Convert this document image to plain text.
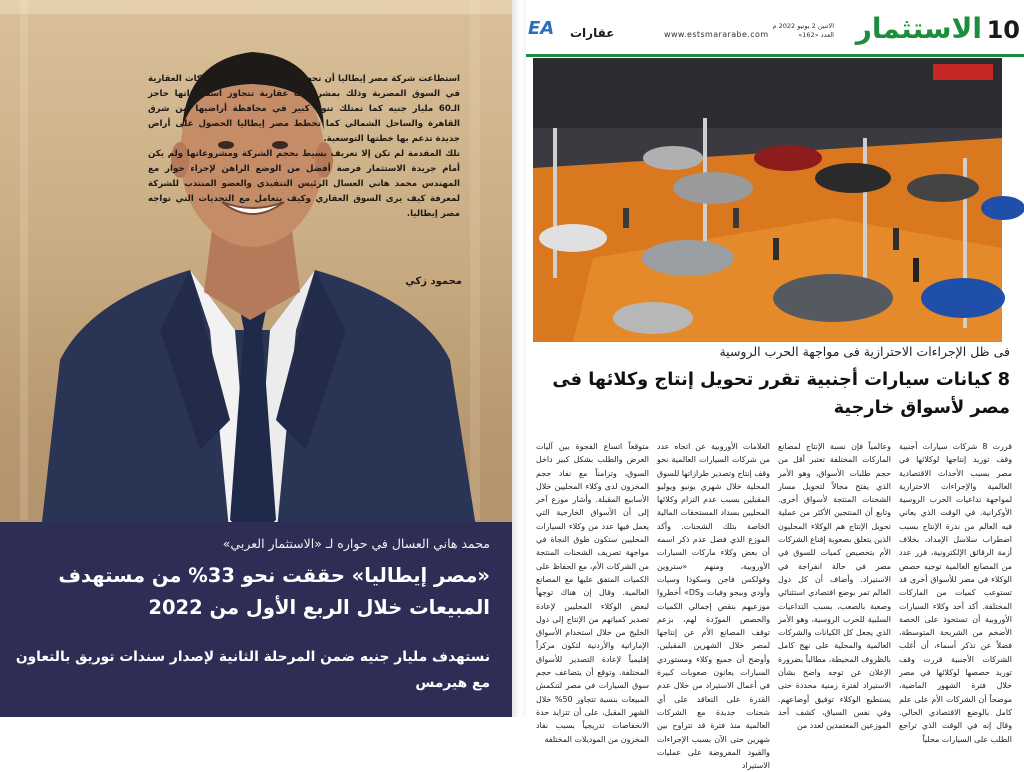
استطاعت شركة مصر إيطاليا أن تحجز مكانتها بين كبرى الشركات العقارية في السوق المصرية وذلك بمشروعات عقارية تتجاوز استثماراتها حاجز الـ60 مليار جنيه كما تمتلك تنوع كبير في محافظة أراضيها بين شرق القاهرة والساحل الشمالي كما تخطط مصر إيطاليا الحصول على أراض جديدة تدعم بها خطتها التوسعية.

تلك المقدمة لم تكن إلا تعريف بسيط بحجم الشركة ومشروعاتها ولم يكن أمام جريدة الاستثمار فرصة أفضل من الوضع الراهن لإجراء حوار مع المهندس محمد هاني العسال الرئيس التنفيذي والعضو المنتدب للشركة لمعرفة كيف يرى السوق العقاري وكيف يتعامل مع التحديات التي تواجه مصر إيطاليا.

محمود زكي
محمد هاني العسال في حواره لـ «الاستثمار العربي»
«مصر إيطاليا» حققت نحو 33% من مستهدف المبيعات خلال الربع الأول من 2022
نستهدف مليار جنيه ضمن المرحلة الثانية لإصدار سندات توريق بالتعاون مع هيرمس
10
الاستثمار
الاثنين 2 يونيو 2022 م
العدد «162»
www.estsmararabe.com
عقارات
EA
فى ظل الإجراءات الاحترازية فى مواجهة الحرب الروسية
8 كيانات سيارات أجنبية تقرر تحويل إنتاج وكلائها فى مصر لأسواق خارجية
قررت 8 شركات سيارات أجنبية وقف توريد إنتاجها لوكلائها في مصر بسبب الأحداث الاقتصادية العالمية والإجراءات الاحترازية لمواجهة تداعيات الحرب الروسية الأوكرانية. في الوقت الذي يعاني فيه العالم من ندرة الإنتاج بسبب اضطراب سلاسل الإمداد، بخلاف أزمة الرقائق الإلكترونية، قرر عدد من المصانع العالمية توجيه حصص الوكلاء في مصر للأسواق أخرى قد تستوعب كميات من الماركات المختلفة. أكد أحد وكلاء السيارات الأوروبية أن تستحوذ على الحصة الأضخم من الشريحة المتوسطة، فضلاً عن تذكر أسماء، أن أغلب الشركات الأجنبية قررت وقف توريد حصصها لوكلائها في مصر خلال فترة الشهور الماضية، موضحاً أن الشركات الأم على علم كامل بالوضع الاقتصادي الحالي. وقال إنه في الوقت الذي تراجع الطلب على السيارات محلياً
وعالمياً فإن نسبة الإنتاج لمصانع الماركات المختلفة تعتبر أقل من حجم طلبات الأسواق، وهو الأمر الذي يفتح مجالاً لتحويل مسار الشحنات المنتجة لأسواق أخرى. وتابع أن المنتجين الأكثر من عملية تحويل الإنتاج هم الوكلاء المحليون الذين يتعلق بصعوبة إقناع الشركات الأم بتخصيص كميات للسوق في مصر في حالة انفراجة في الاستيراد. وأضاف أن كل دول العالم تمر بوضع اقتصادي استثنائي وصعبة بالصعب، بسبب التداعيات السلبية للحرب الروسية، وهو الأمر الذي يجعل كل الكيانات والشركات العالمية والمحلية على نهج كامل بالظروف المحيطة، مطالباً بضرورة الإعلان عن توجه واضح بشأن الاستيراد لفترة زمنية محددة حتى يستطيع الوكلاء توفيق أوضاعهم. وفي نفس السياق، كشف أحد الموزعين المعتمدين لعدد من
العلامات الأوروبية عن اتجاه عدد من شركات السيارات العالمية نحو وقف إنتاج وتصدير طرازاتها للسوق المحلية خلال شهري يونيو ويوليو المقبلين بسبب عدم التزام وكلائها المحليين بسداد المستحقات المالية الخاصة بتلك الشحنات. وأكد الموزع الذي فضل عدم ذكر اسمه أن بعض وكلاء ماركات السيارات الأوروبية، ومنهم «ستروين وفولكس فاجن وسكودا وسيات وأودي وبيجو وفيات وDS» أخطروا موزعيهم بنقص إجمالي الكميات والحصص المورّدة لهم، بزعم توقف المصانع الأم عن إنتاجها لمصر خلال الشهرين المقبلين. وأوضح أن جميع وكلاء ومستوردي السيارات يعانون صعوبات كبيرة في أعمال الاستيراد من خلال عدم القدرة على التعاقد على أي شحنات جديدة مع الشركات العالمية منذ فترة قد تتراوح بين شهرين حتى الآن بسبب الإجراءات والقيود المفروضة على عمليات الاستيراد
متوقعاً اتساع الفجوة بين آليات العرض والطلب بشكل كبير داخل السوق، وتزامناً مع نفاد حجم المخزون لدى وكلاء المحليين خلال الأسابيع المقبلة. وأشار موزع آخر إلى أن الأسواق الخارجية التي يعمل فيها عدد من وكلاء السيارات المحليين ستكون طوق النجاة في مواجهة تصريف الشحنات المنتجة من الشركات الأم، مع الحفاظ على الكميات المتفق عليها مع المصانع العالمية. وقال إن هناك توجهاً لبعض الوكلاء المحليين لإعادة تصدير كمياتهم من الإنتاج إلى دول الخليج من خلال استخدام الأسواق الإماراتية والأردنية لتكون مركزاً إقليمياً لإعادة التصدير للأسواق المختلفة. وتوقع أن يتضاعف حجم سوق السيارات في مصر لتنكمش المبيعات بنسبة تتجاوز 50% خلال الشهر المقبل، على أن تتزايد حدة الانخفاضات تدريجياً بسبب نفاد المخزون من الموديلات المختلفة
